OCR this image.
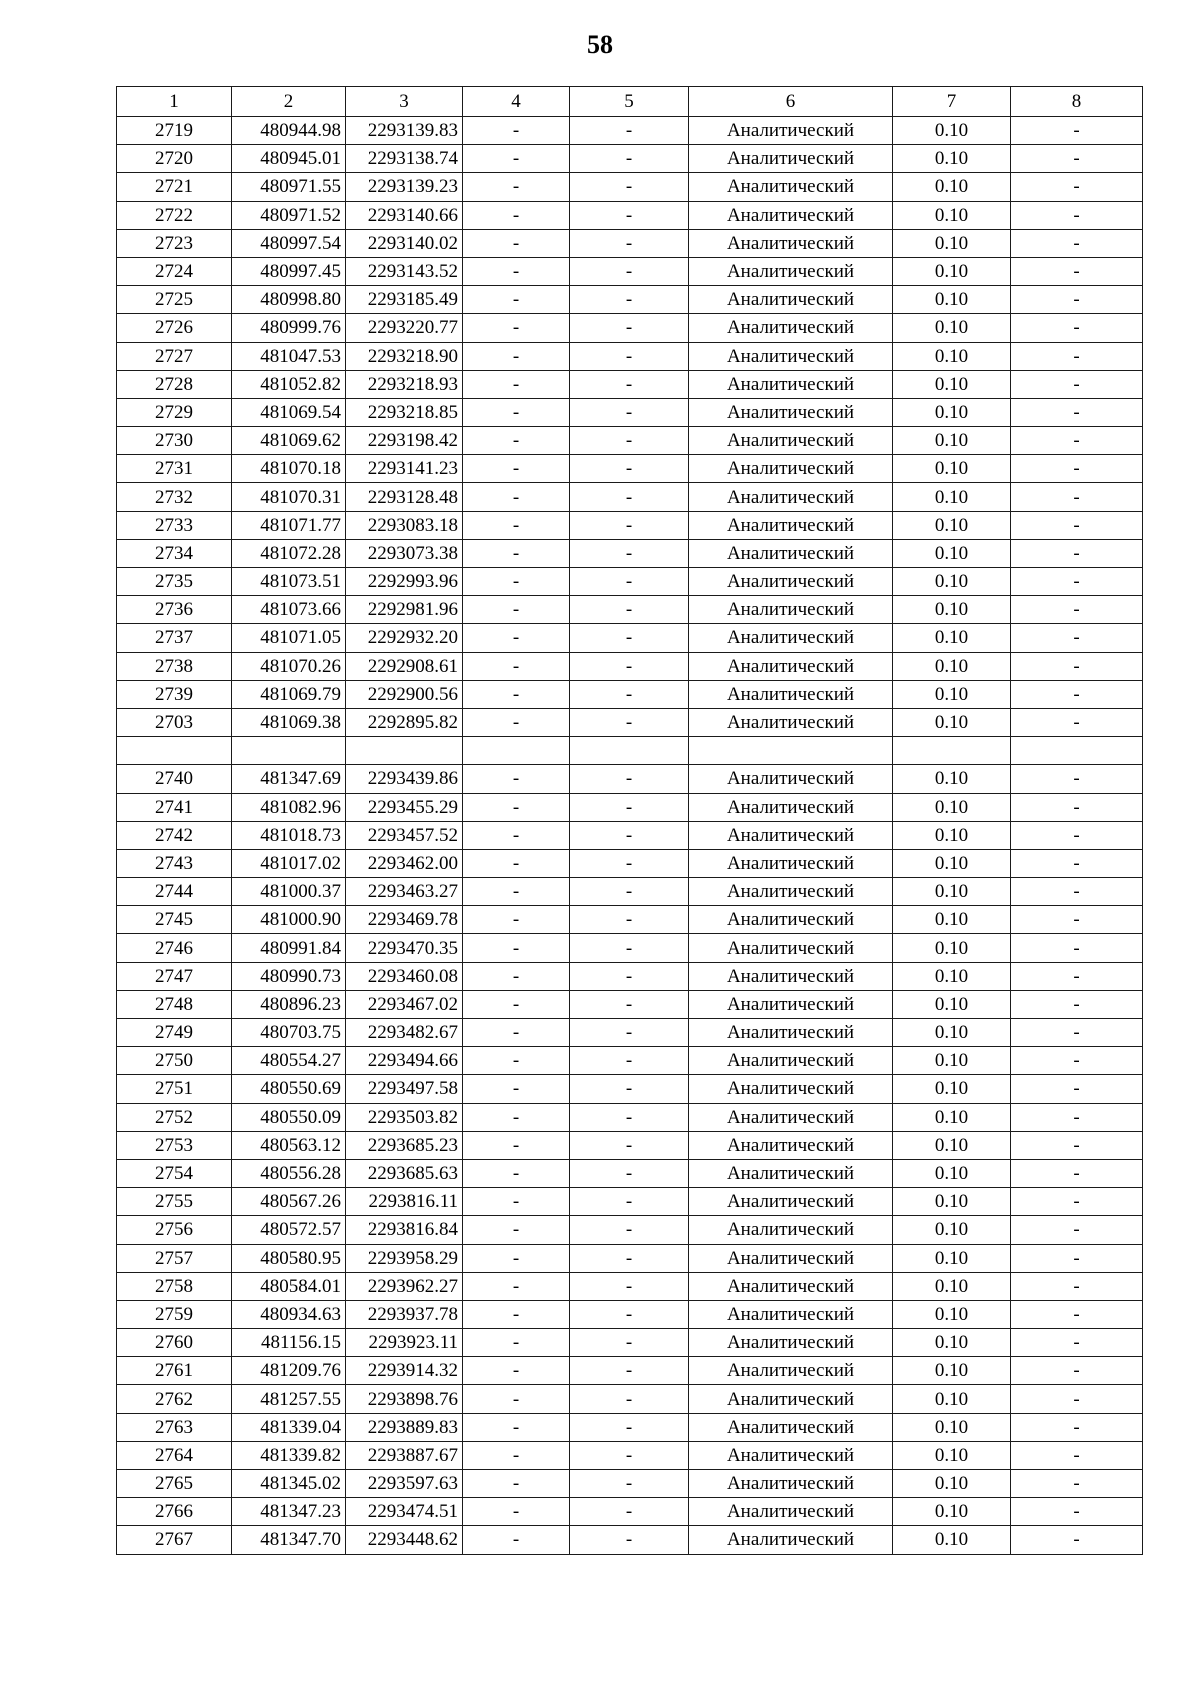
58
1	2	3	4	5	6	7	8
2719	480944.98	2293139.83	-	-	Аналитический	0.10	-
2720	480945.01	2293138.74	-	-	Аналитический	0.10	-
2721	480971.55	2293139.23	-	-	Аналитический	0.10	-
2722	480971.52	2293140.66	-	-	Аналитический	0.10	-
2723	480997.54	2293140.02	-	-	Аналитический	0.10	-
2724	480997.45	2293143.52	-	-	Аналитический	0.10	-
2725	480998.80	2293185.49	-	-	Аналитический	0.10	-
2726	480999.76	2293220.77	-	-	Аналитический	0.10	-
2727	481047.53	2293218.90	-	-	Аналитический	0.10	-
2728	481052.82	2293218.93	-	-	Аналитический	0.10	-
2729	481069.54	2293218.85	-	-	Аналитический	0.10	-
2730	481069.62	2293198.42	-	-	Аналитический	0.10	-
2731	481070.18	2293141.23	-	-	Аналитический	0.10	-
2732	481070.31	2293128.48	-	-	Аналитический	0.10	-
2733	481071.77	2293083.18	-	-	Аналитический	0.10	-
2734	481072.28	2293073.38	-	-	Аналитический	0.10	-
2735	481073.51	2292993.96	-	-	Аналитический	0.10	-
2736	481073.66	2292981.96	-	-	Аналитический	0.10	-
2737	481071.05	2292932.20	-	-	Аналитический	0.10	-
2738	481070.26	2292908.61	-	-	Аналитический	0.10	-
2739	481069.79	2292900.56	-	-	Аналитический	0.10	-
2703	481069.38	2292895.82	-	-	Аналитический	0.10	-

2740	481347.69	2293439.86	-	-	Аналитический	0.10	-
2741	481082.96	2293455.29	-	-	Аналитический	0.10	-
2742	481018.73	2293457.52	-	-	Аналитический	0.10	-
2743	481017.02	2293462.00	-	-	Аналитический	0.10	-
2744	481000.37	2293463.27	-	-	Аналитический	0.10	-
2745	481000.90	2293469.78	-	-	Аналитический	0.10	-
2746	480991.84	2293470.35	-	-	Аналитический	0.10	-
2747	480990.73	2293460.08	-	-	Аналитический	0.10	-
2748	480896.23	2293467.02	-	-	Аналитический	0.10	-
2749	480703.75	2293482.67	-	-	Аналитический	0.10	-
2750	480554.27	2293494.66	-	-	Аналитический	0.10	-
2751	480550.69	2293497.58	-	-	Аналитический	0.10	-
2752	480550.09	2293503.82	-	-	Аналитический	0.10	-
2753	480563.12	2293685.23	-	-	Аналитический	0.10	-
2754	480556.28	2293685.63	-	-	Аналитический	0.10	-
2755	480567.26	2293816.11	-	-	Аналитический	0.10	-
2756	480572.57	2293816.84	-	-	Аналитический	0.10	-
2757	480580.95	2293958.29	-	-	Аналитический	0.10	-
2758	480584.01	2293962.27	-	-	Аналитический	0.10	-
2759	480934.63	2293937.78	-	-	Аналитический	0.10	-
2760	481156.15	2293923.11	-	-	Аналитический	0.10	-
2761	481209.76	2293914.32	-	-	Аналитический	0.10	-
2762	481257.55	2293898.76	-	-	Аналитический	0.10	-
2763	481339.04	2293889.83	-	-	Аналитический	0.10	-
2764	481339.82	2293887.67	-	-	Аналитический	0.10	-
2765	481345.02	2293597.63	-	-	Аналитический	0.10	-
2766	481347.23	2293474.51	-	-	Аналитический	0.10	-
2767	481347.70	2293448.62	-	-	Аналитический	0.10	-
